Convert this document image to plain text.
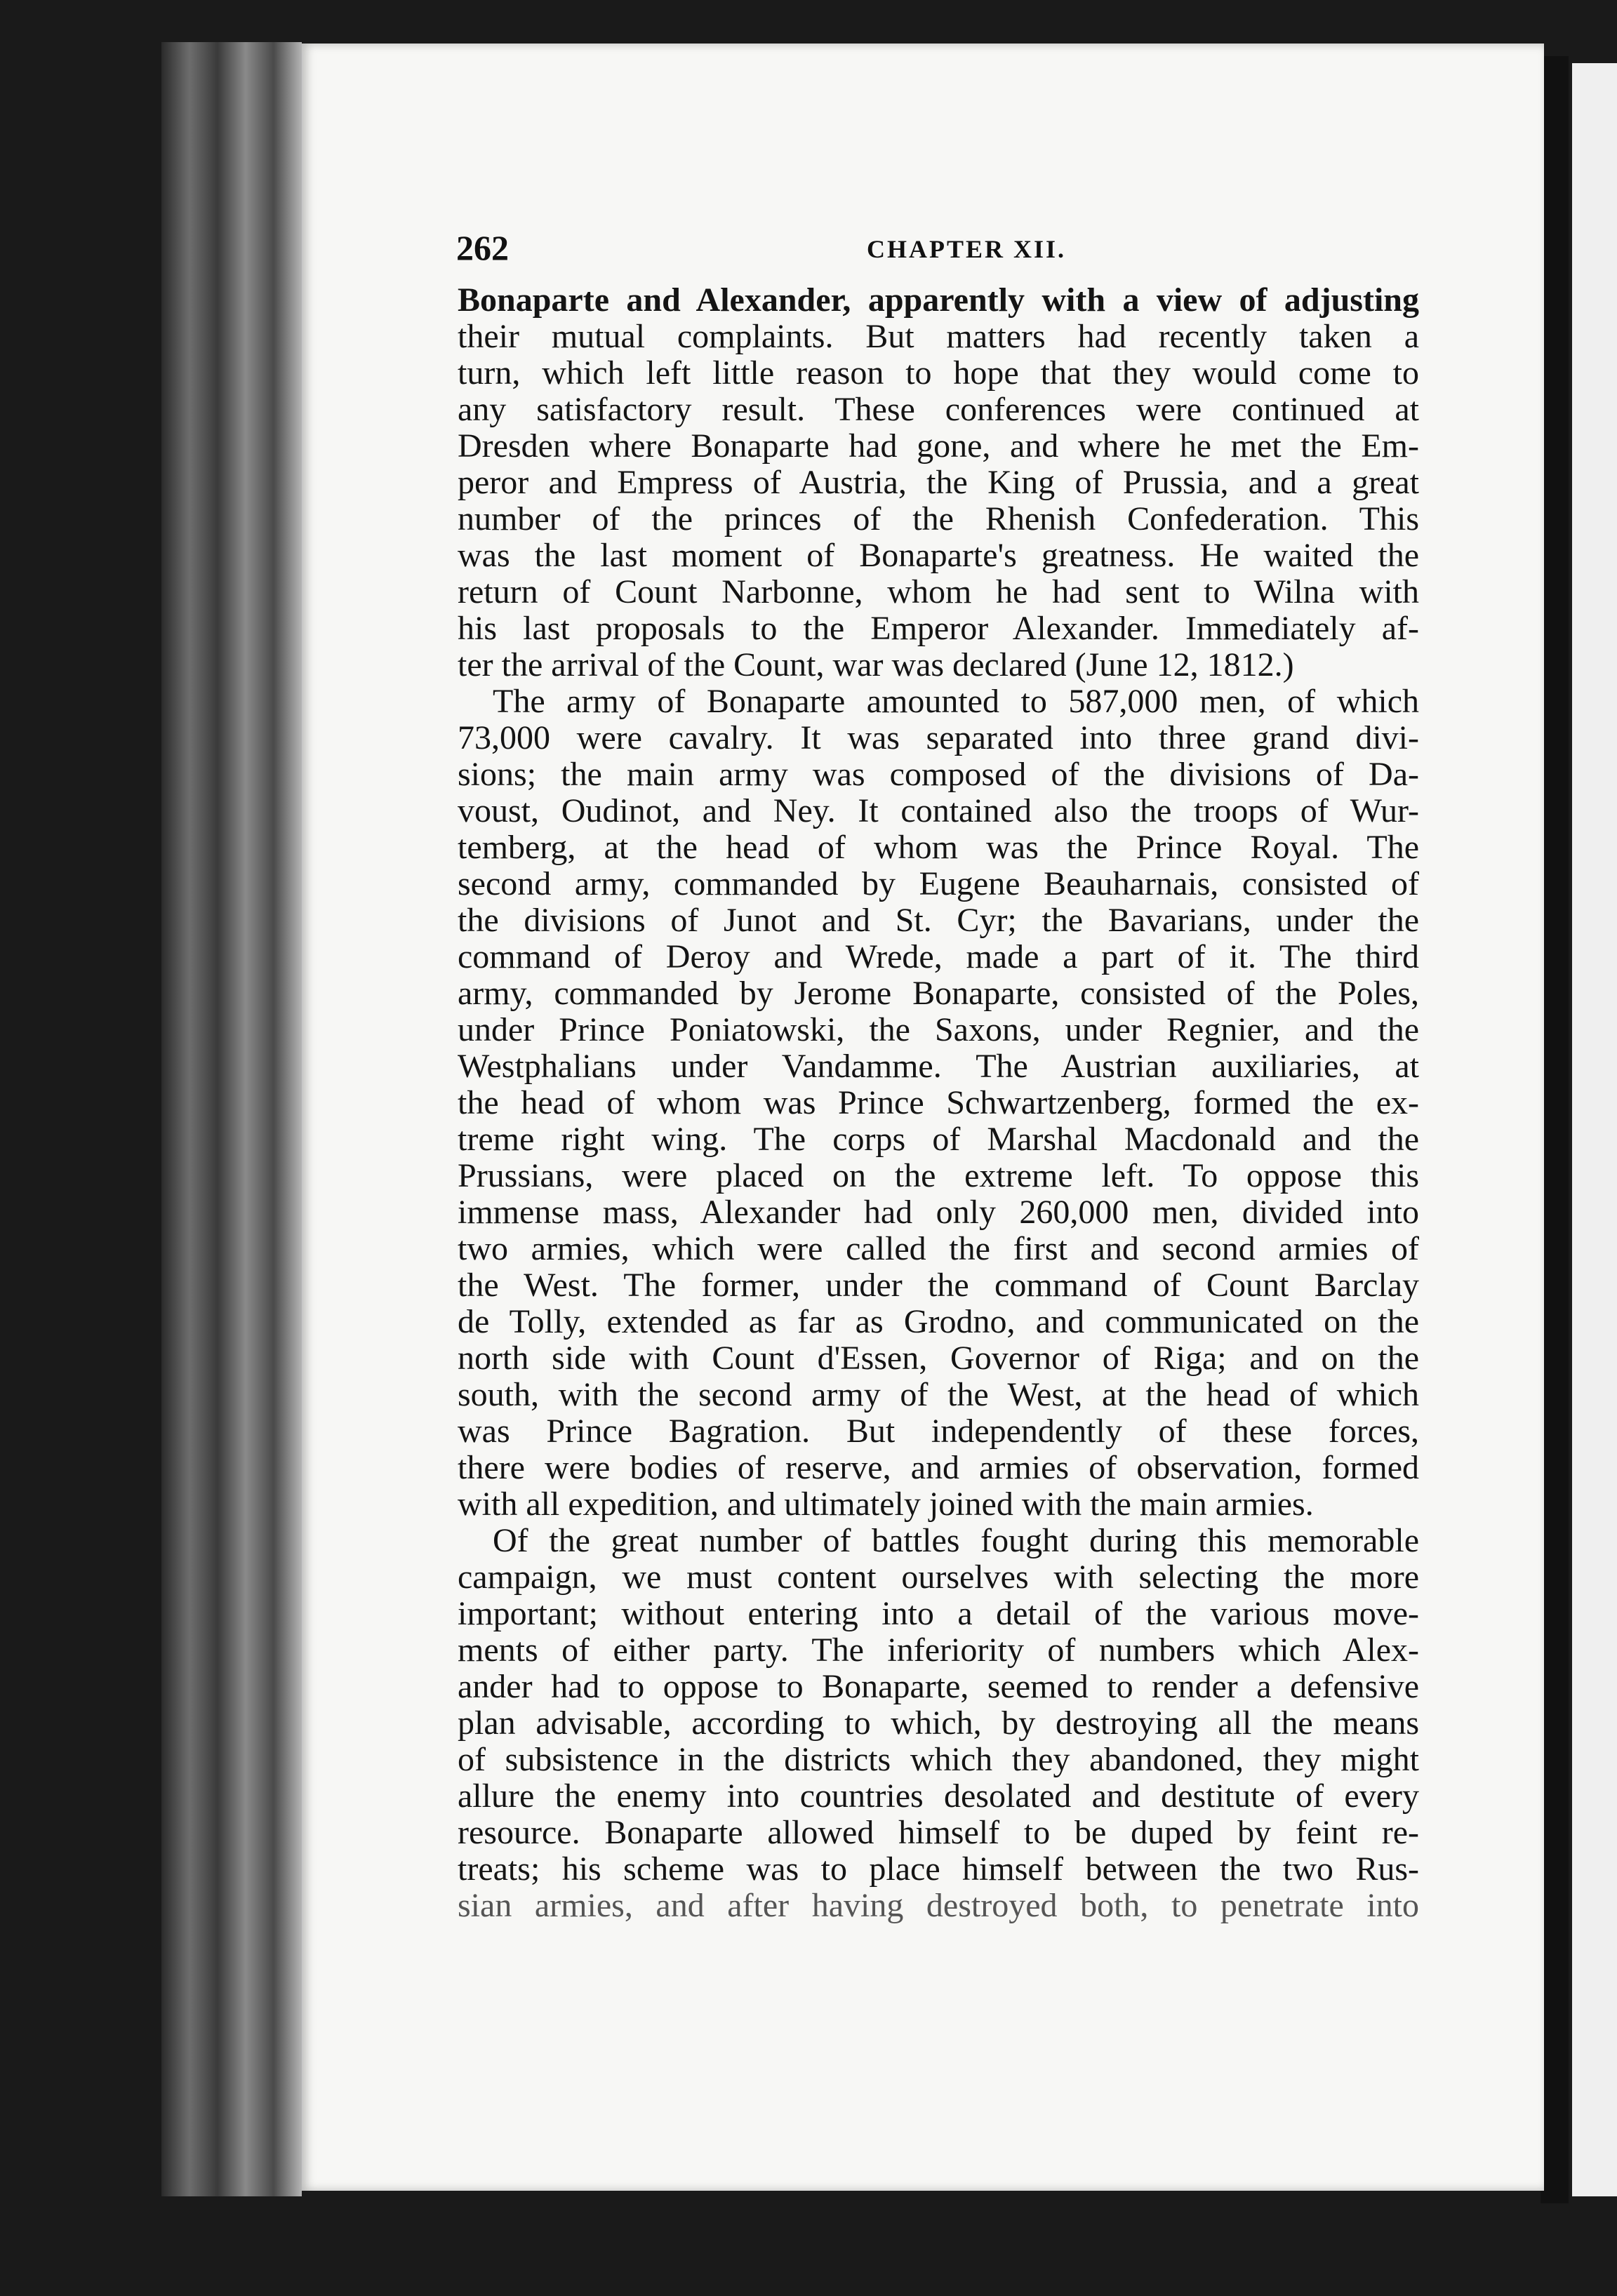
262	CHAPTER XII.
Bonaparte and Alexander, apparently with a view of adjusting
their mutual complaints. But matters had recently taken a
turn, which left little reason to hope that they would come to
any satisfactory result. These conferences were continued at
Dresden where Bonaparte had gone, and where he met the Em-
peror and Empress of Austria, the King of Prussia, and a great
number of the princes of the Rhenish Confederation. This
was the last moment of Bonaparte's greatness. He waited the
return of Count Narbonne, whom he had sent to Wilna with
his last proposals to the Emperor Alexander. Immediately af-
ter the arrival of the Count, war was declared (June 12, 1812.)
The army of Bonaparte amounted to 587,000 men, of which
73,000 were cavalry. It was separated into three grand divi-
sions; the main army was composed of the divisions of Da-
voust, Oudinot, and Ney. It contained also the troops of Wur-
temberg, at the head of whom was the Prince Royal. The
second army, commanded by Eugene Beauharnais, consisted of
the divisions of Junot and St. Cyr; the Bavarians, under the
command of Deroy and Wrede, made a part of it. The third
army, commanded by Jerome Bonaparte, consisted of the Poles,
under Prince Poniatowski, the Saxons, under Regnier, and the
Westphalians under Vandamme. The Austrian auxiliaries, at
the head of whom was Prince Schwartzenberg, formed the ex-
treme right wing. The corps of Marshal Macdonald and the
Prussians, were placed on the extreme left. To oppose this
immense mass, Alexander had only 260,000 men, divided into
two armies, which were called the first and second armies of
the West. The former, under the command of Count Barclay
de Tolly, extended as far as Grodno, and communicated on the
north side with Count d'Essen, Governor of Riga; and on the
south, with the second army of the West, at the head of which
was Prince Bagration. But independently of these forces,
there were bodies of reserve, and armies of observation, formed
with all expedition, and ultimately joined with the main armies.
Of the great number of battles fought during this memorable
campaign, we must content ourselves with selecting the more
important; without entering into a detail of the various move-
ments of either party. The inferiority of numbers which Alex-
ander had to oppose to Bonaparte, seemed to render a defensive
plan advisable, according to which, by destroying all the means
of subsistence in the districts which they abandoned, they might
allure the enemy into countries desolated and destitute of every
resource. Bonaparte allowed himself to be duped by feint re-
treats; his scheme was to place himself between the two Rus-
sian armies, and after having destroyed both, to penetrate into
